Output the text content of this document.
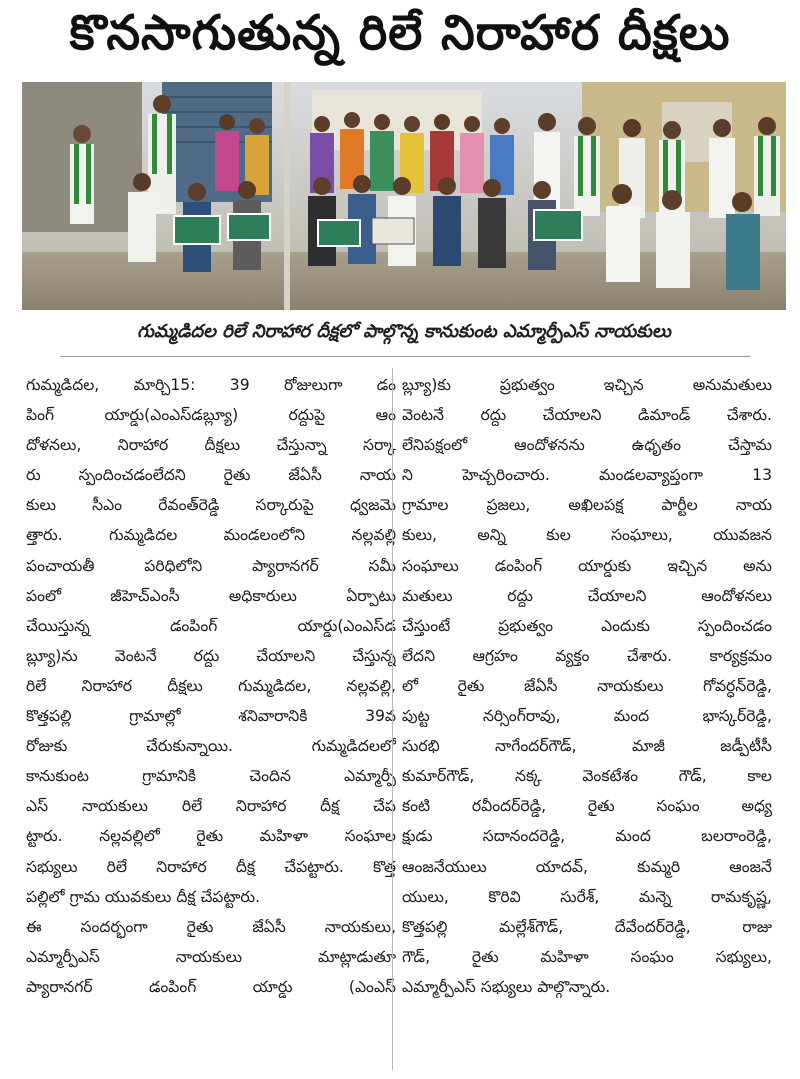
కొనసాగుతున్న రిలే నిరాహార దీక్షలు
గుమ్మడిదల రిలే నిరాహార దీక్షలో పాల్గొన్న కానుకుంట ఎమ్మార్పీఎస్ నాయకులు
గుమ్మడిదల, మార్చి15: 39 రోజులుగా డం
పింగ్ యార్డు(ఎంఎస్‌డబ్ల్యూ) రద్దుపై ఆం
దోళనలు, నిరాహార దీక్షలు చేస్తున్నా సర్కా
రు స్పందించడంలేదని రైతు జేఏసీ నాయ
కులు సీఎం రేవంత్‌రెడ్డి సర్కారుపై ధ్వజమె
త్తారు. గుమ్మడిదల మండలంలోని నల్లవల్లి
పంచాయతీ పరిధిలోని ప్యారానగర్ సమీ
పంలో జీహెచ్‌ఎంసీ అధికారులు ఏర్పాటు
చేయిస్తున్న డంపింగ్ యార్డు(ఎంఎస్‌డ
బ్ల్యూ)ను వెంటనే రద్దు చేయాలని చేస్తున్న
రిలే నిరాహార దీక్షలు గుమ్మడిదల, నల్లవల్లి,
కొత్తపల్లి గ్రామాల్లో శనివారానికి 39వ
రోజుకు చేరుకున్నాయి. గుమ్మడిదలలో
కానుకుంట గ్రామానికి చెందిన ఎమ్మార్పీ
ఎస్ నాయకులు రిలే నిరాహార దీక్ష చేప
ట్టారు. నల్లవల్లిలో రైతు మహిళా సంఘాల
సభ్యులు రిలే నిరాహార దీక్ష చేపట్టారు. కొత్త
పల్లిలో గ్రామ యువకులు దీక్ష చేపట్టారు.
ఈ సందర్భంగా రైతు జేఏసీ నాయకులు,
ఎమ్మార్పీఎస్ నాయకులు మాట్లాడుతూ
ప్యారానగర్ డంపింగ్ యార్డు (ఎంఎస్
బ్ల్యూ)కు ప్రభుత్వం ఇచ్చిన అనుమతులు
వెంటనే రద్దు చేయాలని డిమాండ్ చేశారు.
లేనిపక్షంలో ఆందోళనను ఉధృతం చేస్తామ
ని హెచ్చరించారు. మండలవ్యాప్తంగా 13
గ్రామాల ప్రజలు, అఖిలపక్ష పార్టీల నాయ
కులు, అన్ని కుల సంఘాలు, యువజన
సంఘాలు డంపింగ్ యార్డుకు ఇచ్చిన అను
మతులు రద్దు చేయాలని ఆందోళనలు
చేస్తుంటే ప్రభుత్వం ఎందుకు స్పందించడం
లేదని ఆగ్రహం వ్యక్తం చేశారు. కార్యక్రమం
లో రైతు జేఏసీ నాయకులు గోవర్ధన్‌రెడ్డి,
పుట్ట నర్సింగ్‌రావు, మంద భాస్కర్‌రెడ్డి,
సురభి నాగేందర్‌గౌడ్, మాజీ జడ్పీటీసీ
కుమార్‌గౌడ్, నక్క వెంకటేశం గౌడ్, కాల
కంటి రవీందర్‌రెడ్డి, రైతు సంఘం అధ్య
క్షుడు సదానందరెడ్డి, మంద బలరాంరెడ్డి,
ఆంజనేయులు యాదవ్, కుమ్మరి ఆంజనే
యులు, కొరివి సురేశ్, మన్నె రామకృష్ణ,
కొత్తపల్లి మల్లేశ్‌గౌడ్, దేవేందర్‌రెడ్డి, రాజు
గౌడ్, రైతు మహిళా సంఘం సభ్యులు,
ఎమ్మార్పీఎస్ సభ్యులు పాల్గొన్నారు.
